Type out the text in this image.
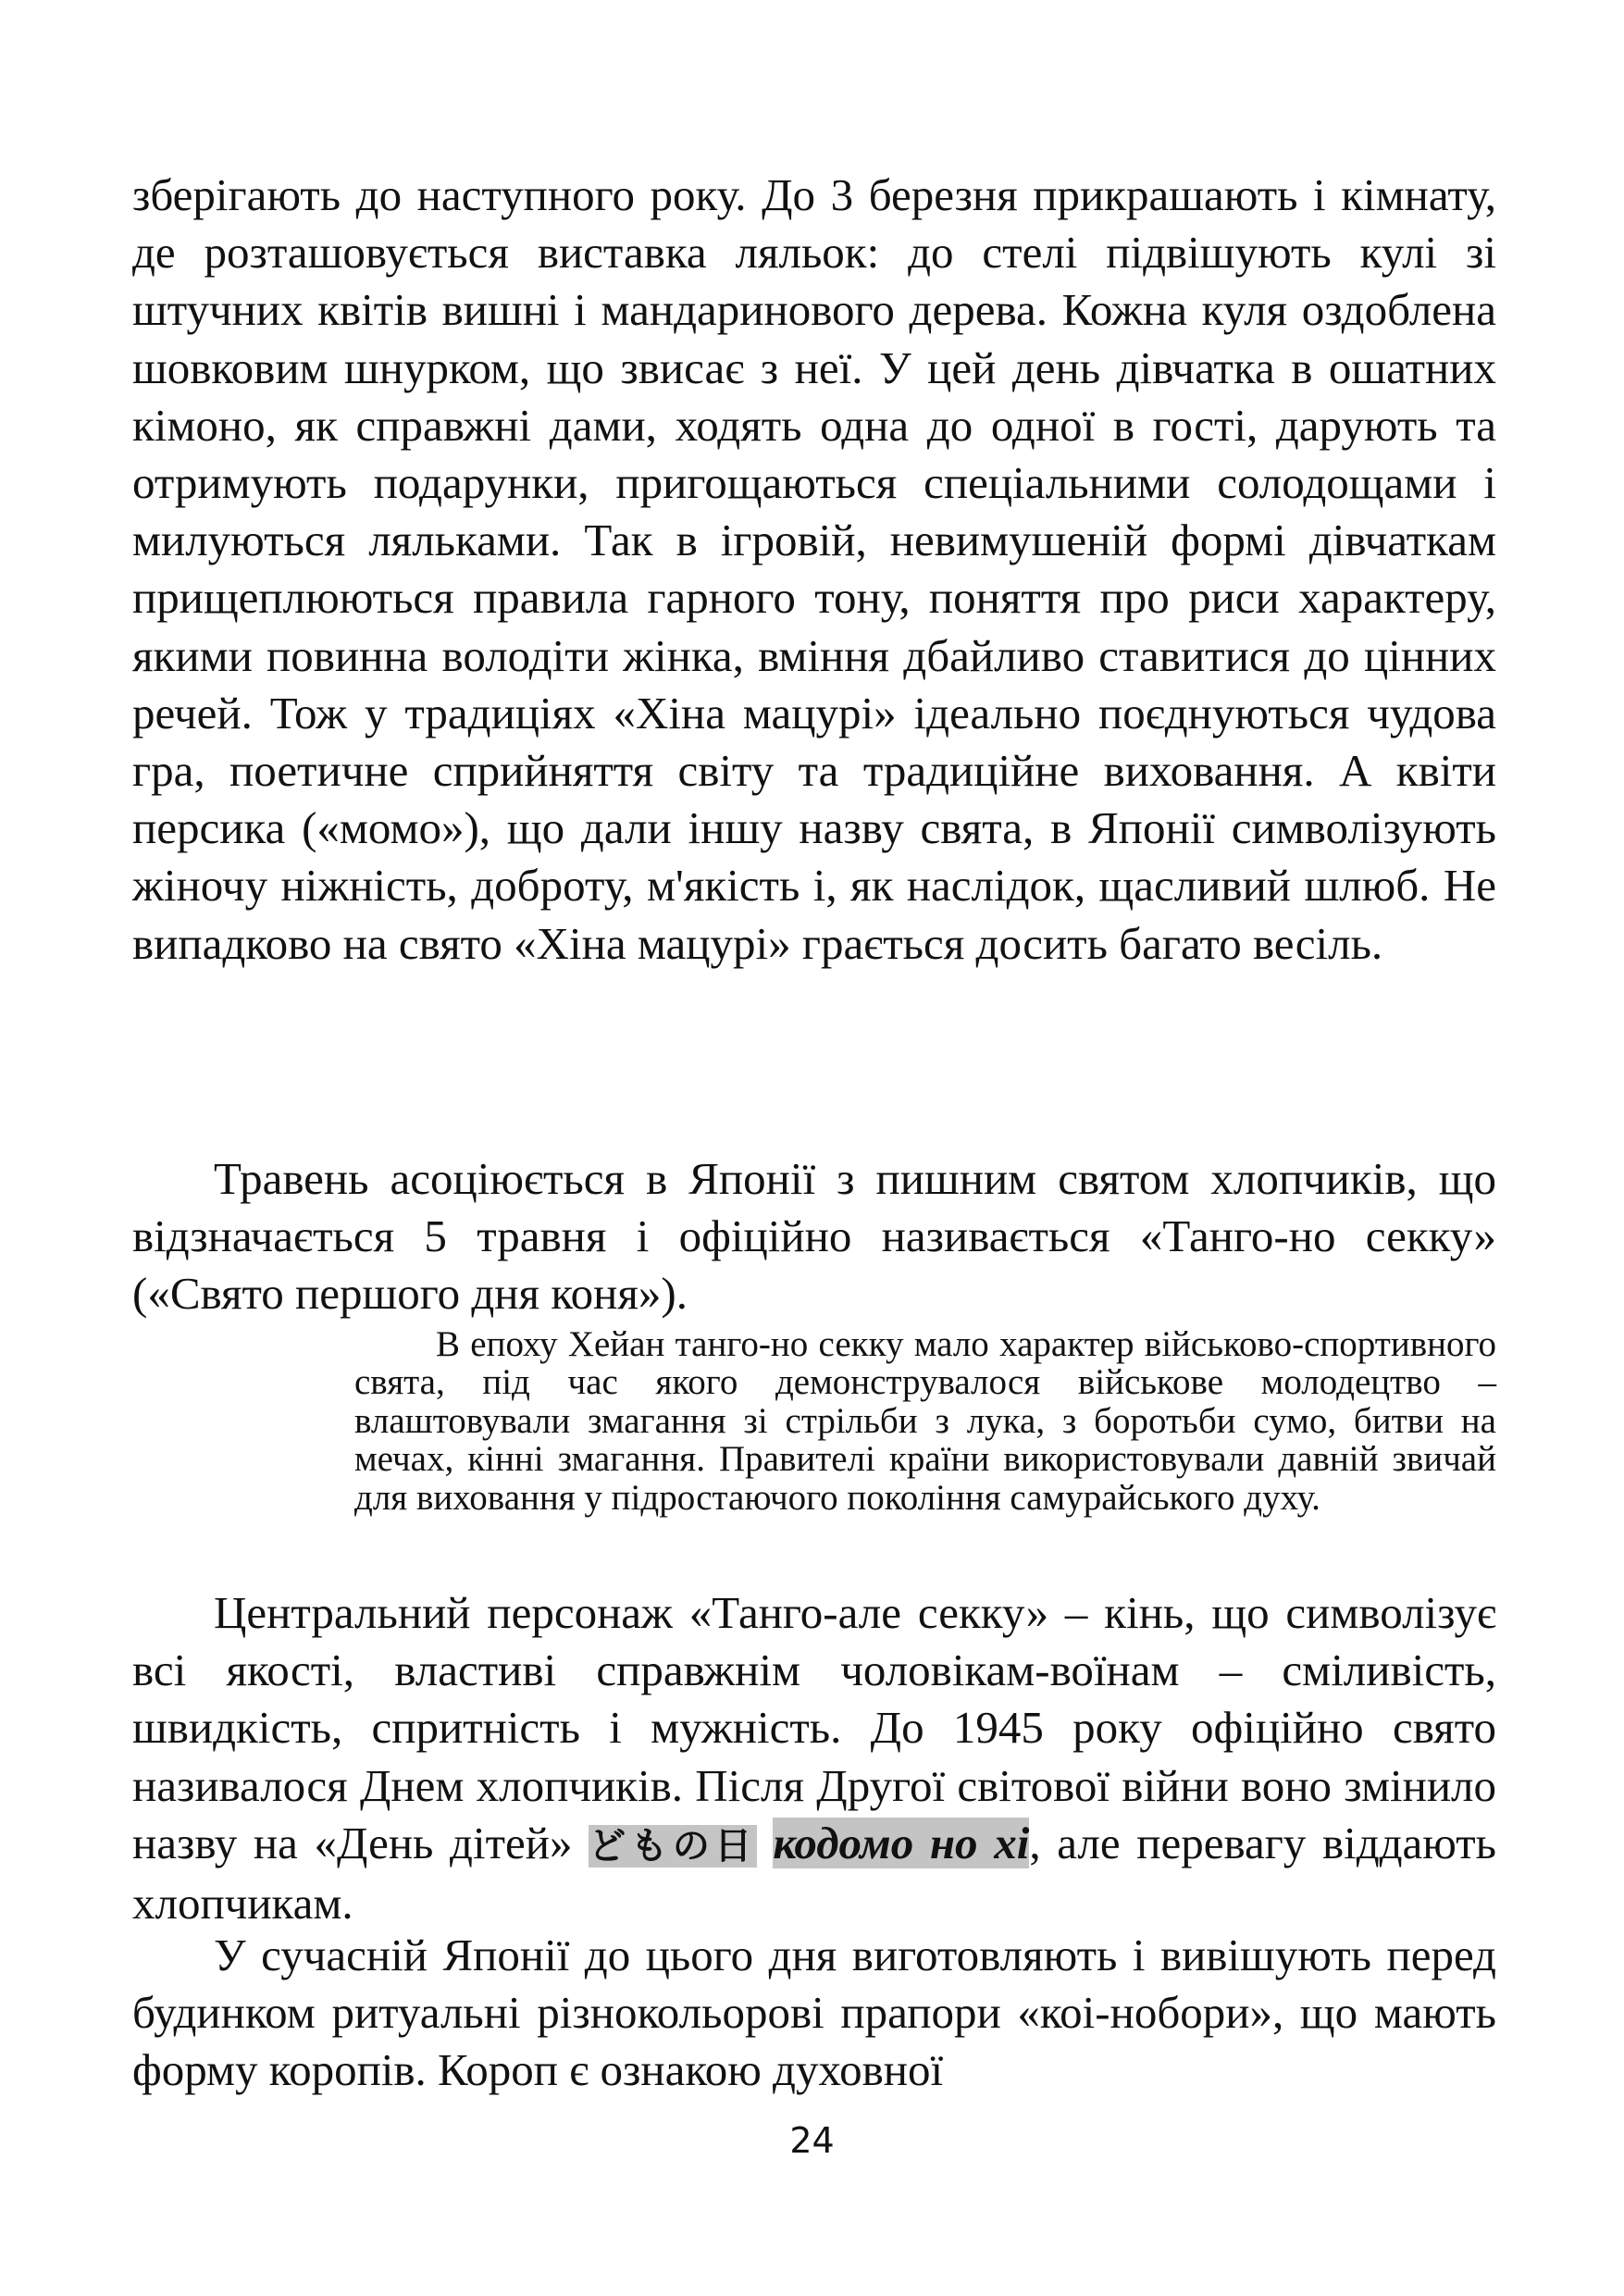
зберігають до наступного року. До 3 березня прикрашають і кімнату, де розташовується виставка ляльок: до стелі підвішують кулі зі штучних квітів вишні і мандаринового дерева. Кожна куля оздоблена шовковим шнурком, що звисає з неї. У цей день дівчатка в ошатних кімоно, як справжні дами, ходять одна до одної в гості, дарують та отримують подарунки, пригощаються спеціальними солодощами і милуються ляльками. Так в ігровій, невимушеній формі дівчаткам прищеплюються правила гарного тону, поняття про риси характеру, якими повинна володіти жінка, вміння дбайливо ставитися до цінних речей. Тож у традиціях «Хіна мацурі» ідеально поєднуються чудова гра, поетичне сприйняття світу та традиційне виховання. А квіти персика («момо»), що дали іншу назву свята, в Японії символізують жіночу ніжність, доброту, м'якість і, як наслідок, щасливий шлюб. Не випадково на свято «Хіна мацурі» грається досить багато весіль.

Травень асоціюється в Японії з пишним святом хлопчиків, що відзначається 5 травня і офіційно називається «Танго-но секку» («Свято першого дня коня»).

В епоху Хейан танго-но секку мало характер військово-спортивного свята, під час якого демонструвалося військове молодецтво – влаштовували змагання зі стрільби з лука, з боротьби сумо, битви на мечах, кінні змагання. Правителі країни використовували давній звичай для виховання у підростаючого покоління самурайського духу.

Центральний персонаж «Танго-але секку» – кінь, що символізує всі якості, властиві справжнім чоловікам-воїнам – сміливість, швидкість, спритність і мужність. До 1945 року офіційно свято називалося Днем хлопчиків. Після Другої світової війни воно змінило назву на «День дітей» どもの日 кодомо но хі, але перевагу віддають хлопчикам.

У сучасній Японії до цього дня виготовляють і вивішують перед будинком ритуальні різнокольорові прапори «коі-нобори», що мають форму коропів. Короп є ознакою духовної

24
